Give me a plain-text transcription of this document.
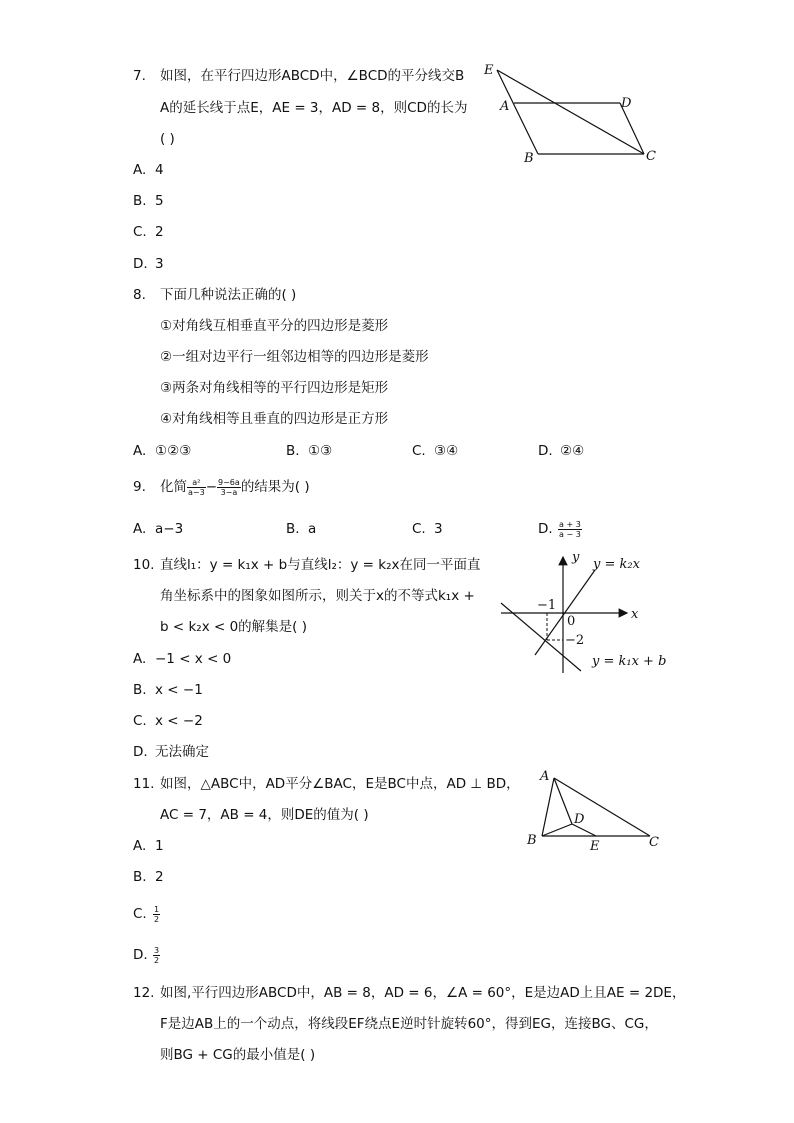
7. 如图，在平行四边形ABCD中，∠BCD的平分线交B
A的延长线于点E，AE = 3，AD = 8，则CD的长为
( )
A. 4
B. 5
C. 2
D. 3
E
A	D
B	C
8. 下面几种说法正确的( )
①对角线互相垂直平分的四边形是菱形
②一组对边平行一组邻边相等的四边形是菱形
③两条对角线相等的平行四边形是矩形
④对角线相等且垂直的四边形是正方形
A. ①②③	B. ①③	C. ③④	D. ②④
9. 化简 $\frac{\text{a²}}{a-3} - \frac{9-6a}{3-a}$ 的结果为( )
A. a−3	B. a	C. 3	D. $\frac{a + 3}{a - 3}$
10. 直线l₁：y = k₁x + b与直线l₂：y = k₂x在同一平面直
角坐标系中的图象如图所示，则关于x的不等式k₁x +
b < k₂x < 0的解集是( )
A. −1 < x < 0
B. x < −1
C. x < −2
D. 无法确定
y
x
y = k₂x
y = k₁x + b
−1
0
−2
11. 如图，△ABC中，AD平分∠BAC，E是BC中点，AD ⊥ BD，
AC = 7，AB = 4，则DE的值为( )
A. 1
B. 2
C. $\frac{1}{2}$
D. $\frac{3}{2}$
A
B	C
D
E
12. 如图,平行四边形ABCD中，AB = 8，AD = 6，∠A = 60°，E是边AD上且AE = 2DE，
F是边AB上的一个动点，将线段EF绕点E逆时针旋转60°，得到EG，连接BG、CG，
则BG + CG的最小值是( )
